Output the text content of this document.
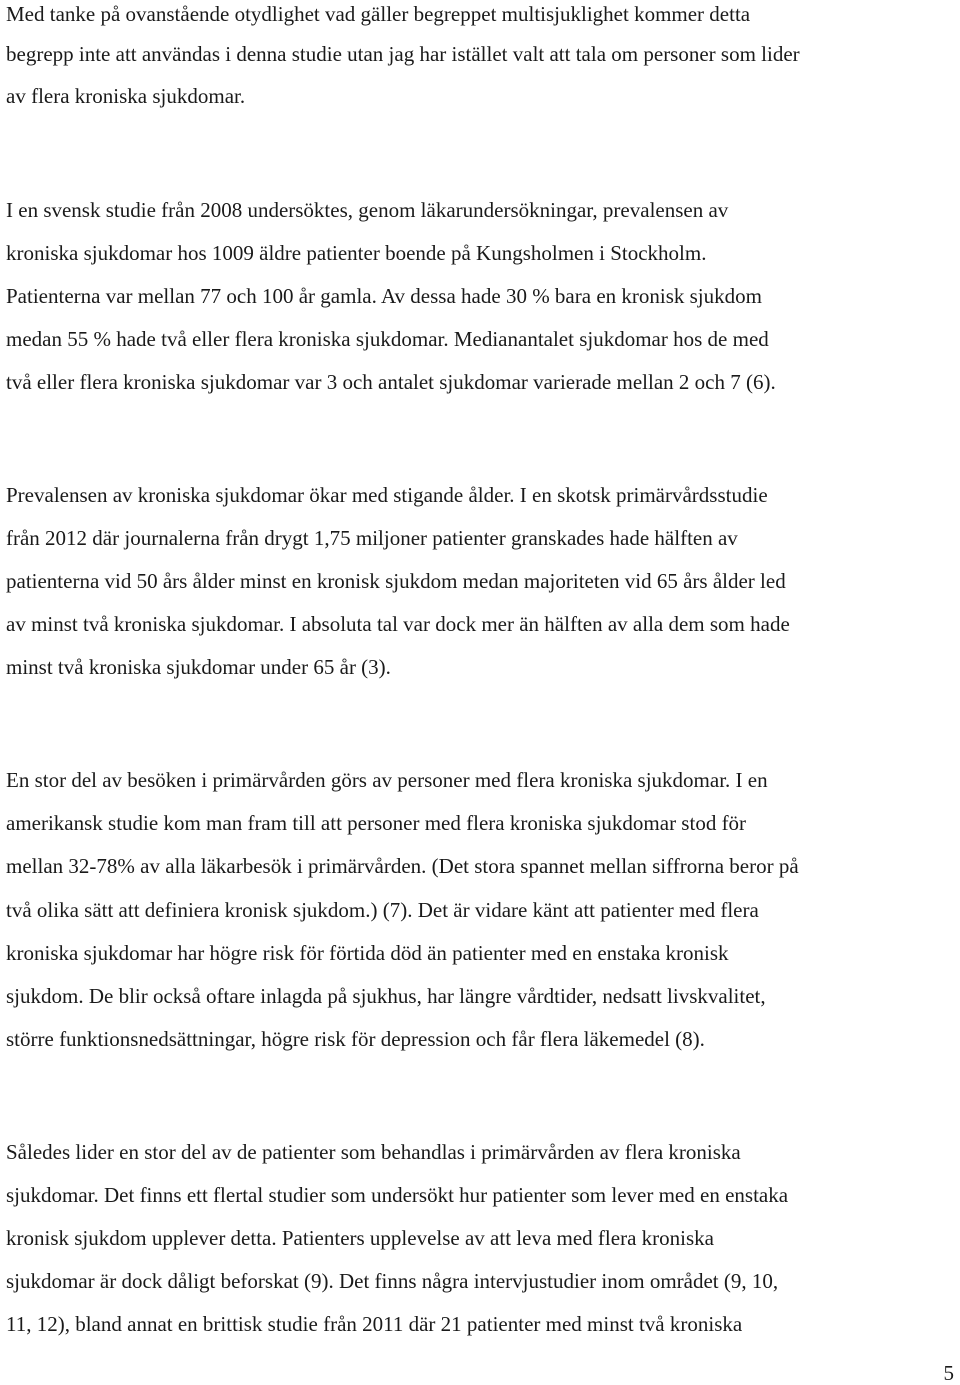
Med tanke på ovanstående otydlighet vad gäller begreppet multisjuklighet kommer detta
begrepp inte att användas i denna studie utan jag har istället valt att tala om personer som lider
av flera kroniska sjukdomar.
I en svensk studie från 2008 undersöktes, genom läkarundersökningar, prevalensen av
kroniska sjukdomar hos 1009 äldre patienter boende på Kungsholmen i Stockholm.
Patienterna var mellan 77 och 100 år gamla. Av dessa hade 30 % bara en kronisk sjukdom
medan 55 % hade två eller flera kroniska sjukdomar. Medianantalet sjukdomar hos de med
två eller flera kroniska sjukdomar var 3 och antalet sjukdomar varierade mellan 2 och 7 (6).
Prevalensen av kroniska sjukdomar ökar med stigande ålder. I en skotsk primärvårdsstudie
från 2012 där journalerna från drygt 1,75 miljoner patienter granskades hade hälften av
patienterna vid 50 års ålder minst en kronisk sjukdom medan majoriteten vid 65 års ålder led
av minst två kroniska sjukdomar. I absoluta tal var dock mer än hälften av alla dem som hade
minst två kroniska sjukdomar under 65 år (3).
En stor del av besöken i primärvården görs av personer med flera kroniska sjukdomar. I en
amerikansk studie kom man fram till att personer med flera kroniska sjukdomar stod för
mellan 32-78% av alla läkarbesök i primärvården. (Det stora spannet mellan siffrorna beror på
två olika sätt att definiera kronisk sjukdom.) (7). Det är vidare känt att patienter med flera
kroniska sjukdomar har högre risk för förtida död än patienter med en enstaka kronisk
sjukdom. De blir också oftare inlagda på sjukhus, har längre vårdtider, nedsatt livskvalitet,
större funktionsnedsättningar, högre risk för depression och får flera läkemedel (8).
Således lider en stor del av de patienter som behandlas i primärvården av flera kroniska
sjukdomar. Det finns ett flertal studier som undersökt hur patienter som lever med en enstaka
kronisk sjukdom upplever detta. Patienters upplevelse av att leva med flera kroniska
sjukdomar är dock dåligt beforskat (9). Det finns några intervjustudier inom området (9, 10,
11, 12), bland annat en brittisk studie från 2011 där 21 patienter med minst två kroniska
5
